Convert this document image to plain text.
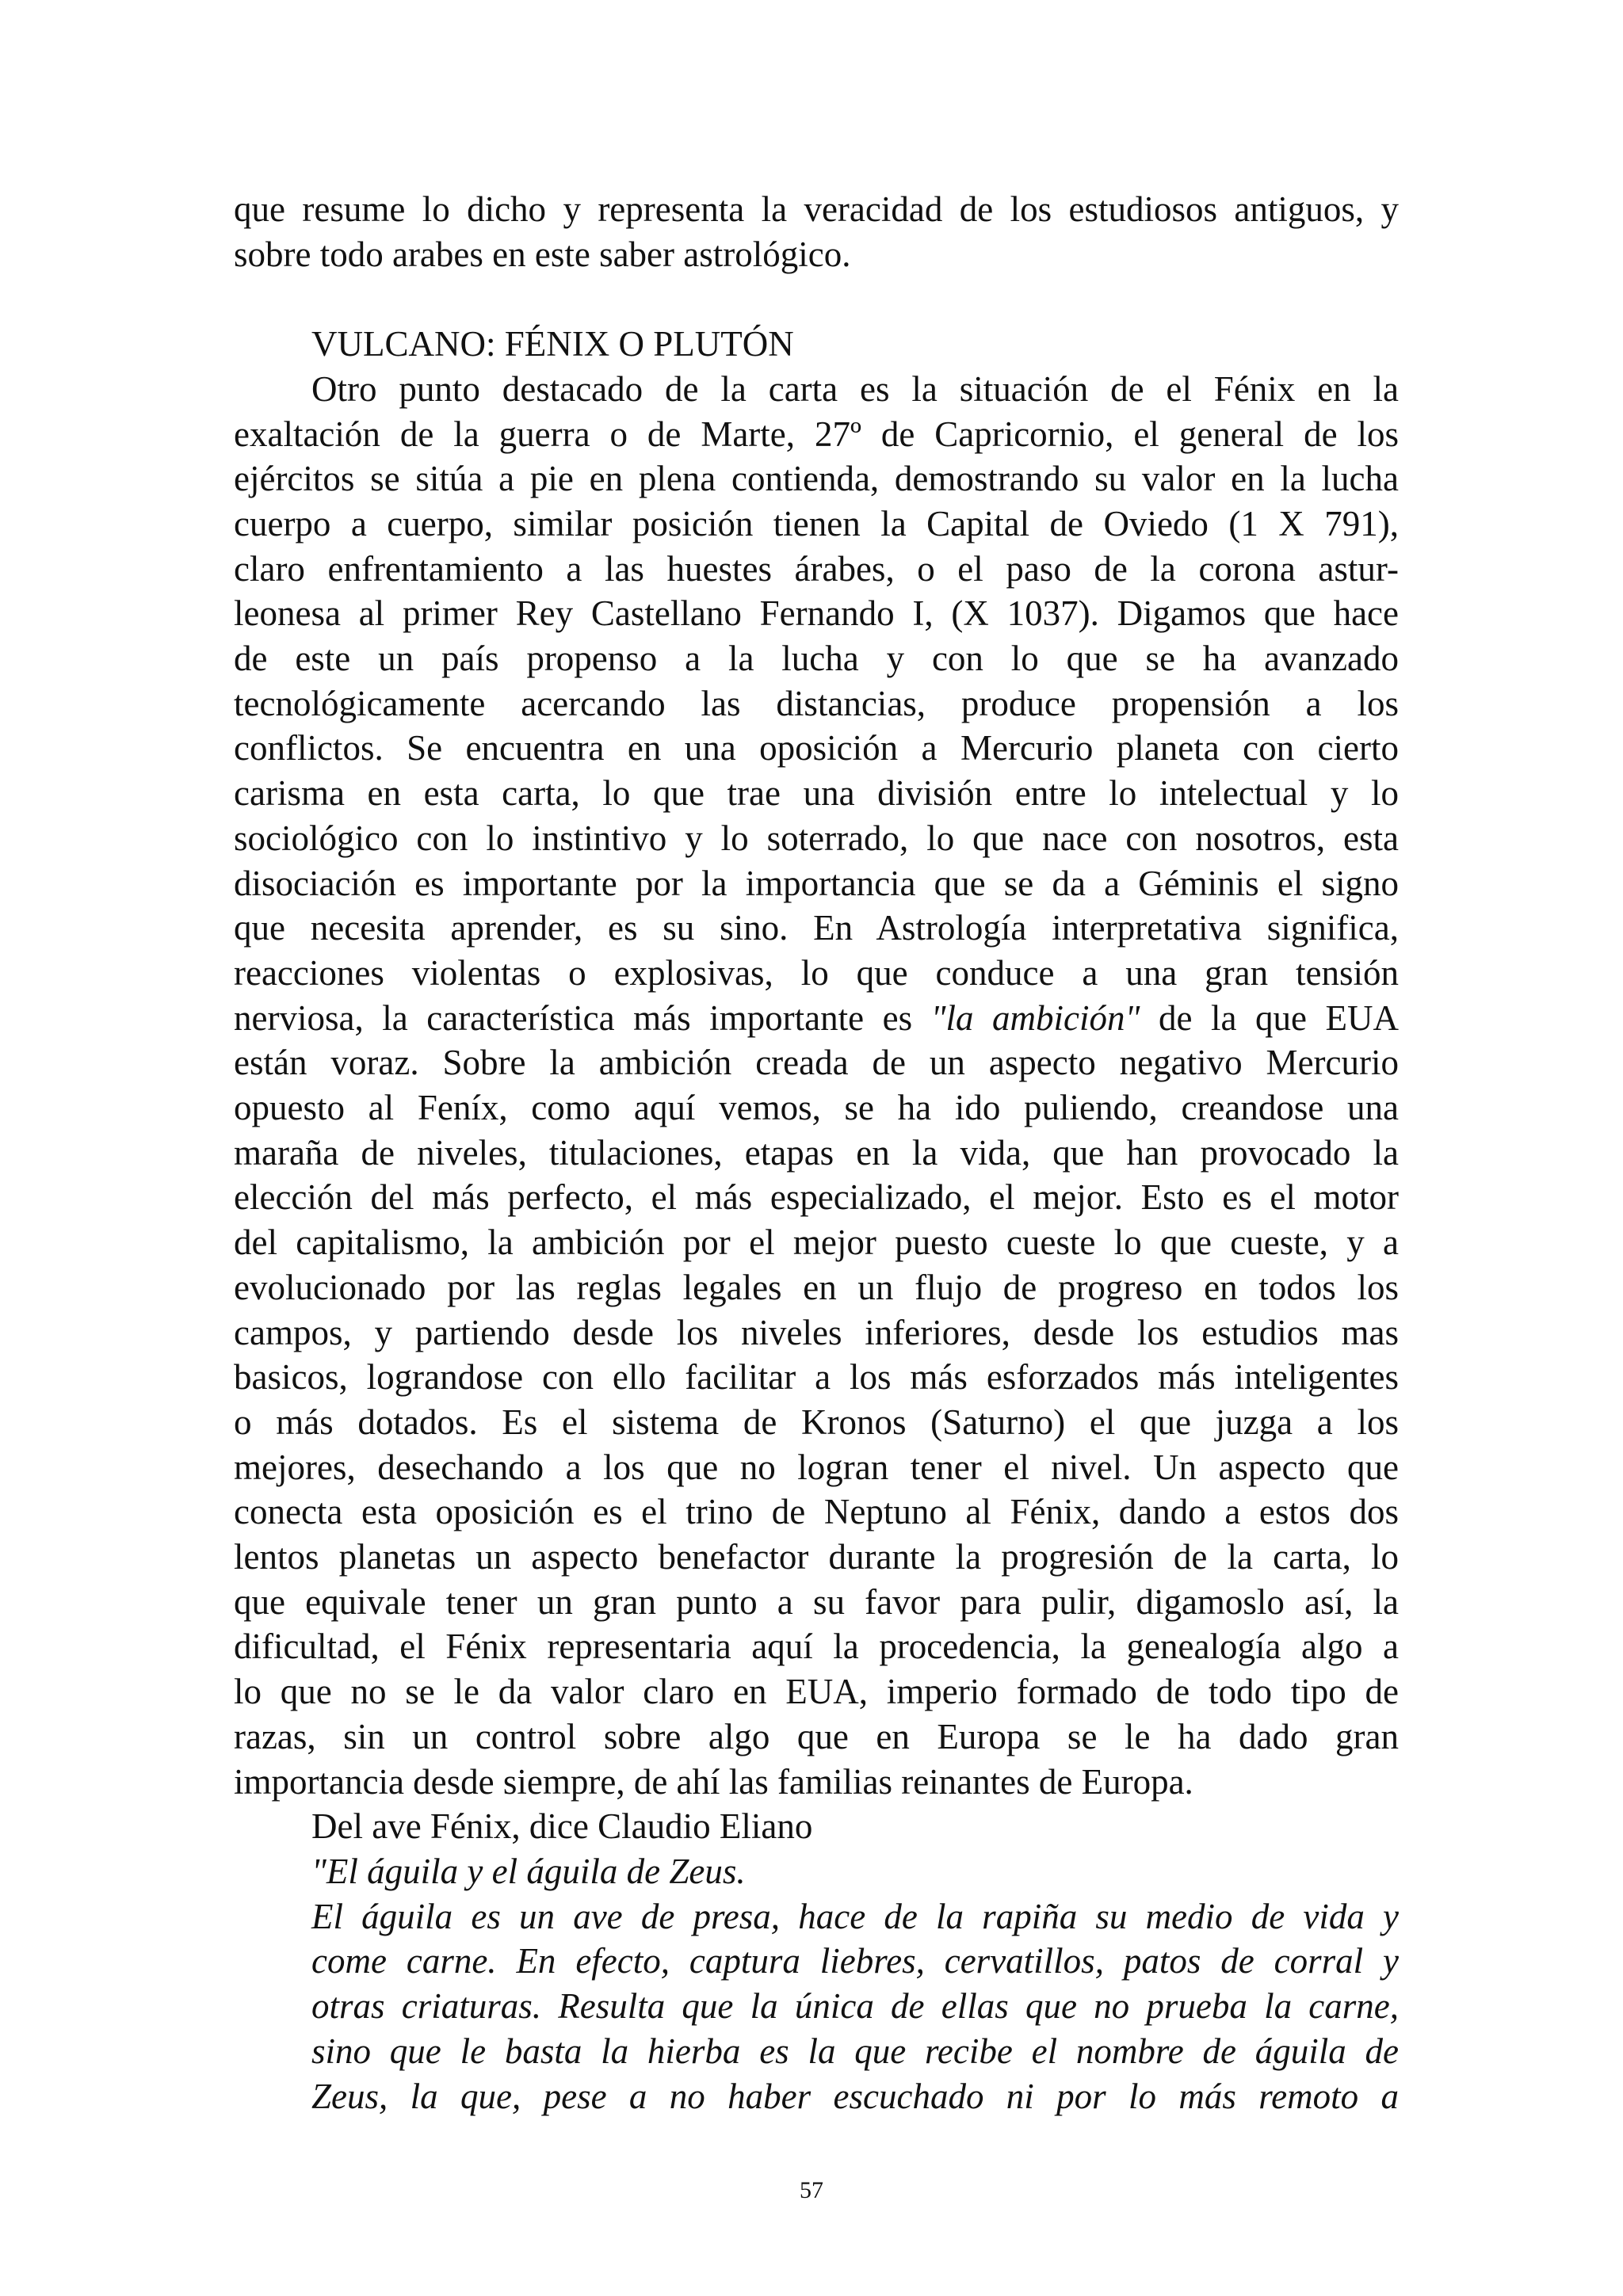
que resume lo dicho y representa la veracidad de los estudiosos antiguos, y

sobre todo arabes en este saber astrológico.

VULCANO: FÉNIX O PLUTÓN

Otro punto destacado de la carta es la situación de el Fénix en la

exaltación de la guerra o de Marte, 27º de Capricornio, el general de los

ejércitos se sitúa a pie en plena contienda, demostrando su valor en la lucha

cuerpo a cuerpo, similar posición tienen la Capital de Oviedo (1 X 791),

claro enfrentamiento a las huestes árabes, o el paso de la corona astur-

leonesa al primer Rey Castellano Fernando I, (X 1037). Digamos que hace

de este un país propenso a la lucha y con lo que se ha avanzado

tecnológicamente acercando las distancias, produce propensión a los

conflictos. Se encuentra en una oposición a Mercurio planeta con cierto

carisma en esta carta, lo que trae una división entre lo intelectual y lo

sociológico con lo instintivo y lo soterrado, lo que nace con nosotros, esta

disociación es importante por la importancia que se da a Géminis el signo

que necesita aprender, es su sino. En Astrología interpretativa significa,

reacciones violentas o explosivas, lo que conduce a una gran tensión

nerviosa, la característica más importante es "la ambición" de la que EUA

están voraz. Sobre la ambición creada de un aspecto negativo Mercurio

opuesto al Feníx, como aquí vemos, se ha ido puliendo, creandose una

maraña de niveles, titulaciones, etapas en la vida, que han provocado la

elección del más perfecto, el más especializado, el mejor. Esto es el motor

del capitalismo, la ambición por el mejor puesto cueste lo que cueste, y a

evolucionado por las reglas legales en un flujo de progreso en todos los

campos, y partiendo desde los niveles inferiores, desde los estudios mas

basicos, lograndose con ello facilitar a los más esforzados más inteligentes

o más dotados. Es el sistema de Kronos (Saturno) el que juzga a los

mejores, desechando a los que no logran tener el nivel. Un aspecto que

conecta esta oposición es el trino de Neptuno al Fénix, dando a estos dos

lentos planetas un aspecto benefactor durante la progresión de la carta, lo

que equivale tener un gran punto a su favor para pulir, digamoslo así, la

dificultad, el Fénix representaria aquí la procedencia, la genealogía algo a

lo que no se le da valor claro en EUA, imperio formado de todo tipo de

razas, sin un control sobre algo que en Europa se le ha dado gran

importancia desde siempre, de ahí las familias reinantes de Europa.

Del ave Fénix, dice Claudio Eliano

"El águila y el águila de Zeus.

El águila es un ave de presa, hace de la rapiña su medio de vida y

come carne. En efecto, captura liebres, cervatillos, patos de corral y

otras criaturas. Resulta que la única de ellas que no prueba la carne,

sino que le basta la hierba es la que recibe el nombre de águila de

Zeus, la que, pese a no haber escuchado ni por lo más remoto a

57
